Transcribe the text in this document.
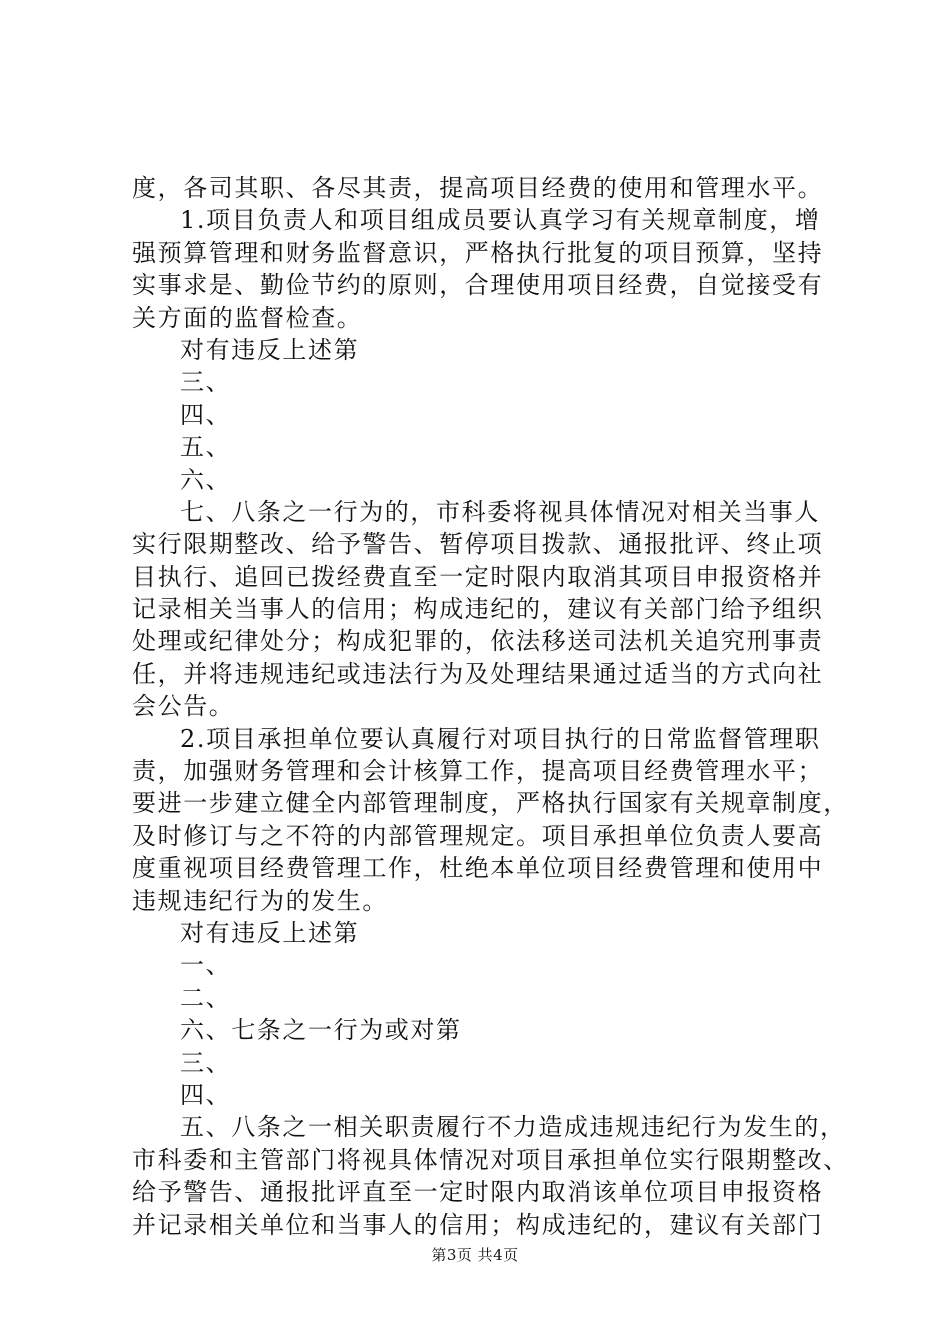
度，各司其职、各尽其责，提高项目经费的使用和管理水平。
1.项目负责人和项目组成员要认真学习有关规章制度，增
强预算管理和财务监督意识，严格执行批复的项目预算，坚持
实事求是、勤俭节约的原则，合理使用项目经费，自觉接受有
关方面的监督检查。
对有违反上述第
三、
四、
五、
六、
七、八条之一行为的，市科委将视具体情况对相关当事人
实行限期整改、给予警告、暂停项目拨款、通报批评、终止项
目执行、追回已拨经费直至一定时限内取消其项目申报资格并
记录相关当事人的信用；构成违纪的，建议有关部门给予组织
处理或纪律处分；构成犯罪的，依法移送司法机关追究刑事责
任，并将违规违纪或违法行为及处理结果通过适当的方式向社
会公告。
2.项目承担单位要认真履行对项目执行的日常监督管理职
责，加强财务管理和会计核算工作，提高项目经费管理水平；
要进一步建立健全内部管理制度，严格执行国家有关规章制度，
及时修订与之不符的内部管理规定。项目承担单位负责人要高
度重视项目经费管理工作，杜绝本单位项目经费管理和使用中
违规违纪行为的发生。
对有违反上述第
一、
二、
六、七条之一行为或对第
三、
四、
五、八条之一相关职责履行不力造成违规违纪行为发生的，
市科委和主管部门将视具体情况对项目承担单位实行限期整改、
给予警告、通报批评直至一定时限内取消该单位项目申报资格
并记录相关单位和当事人的信用；构成违纪的，建议有关部门
第3页 共4页
